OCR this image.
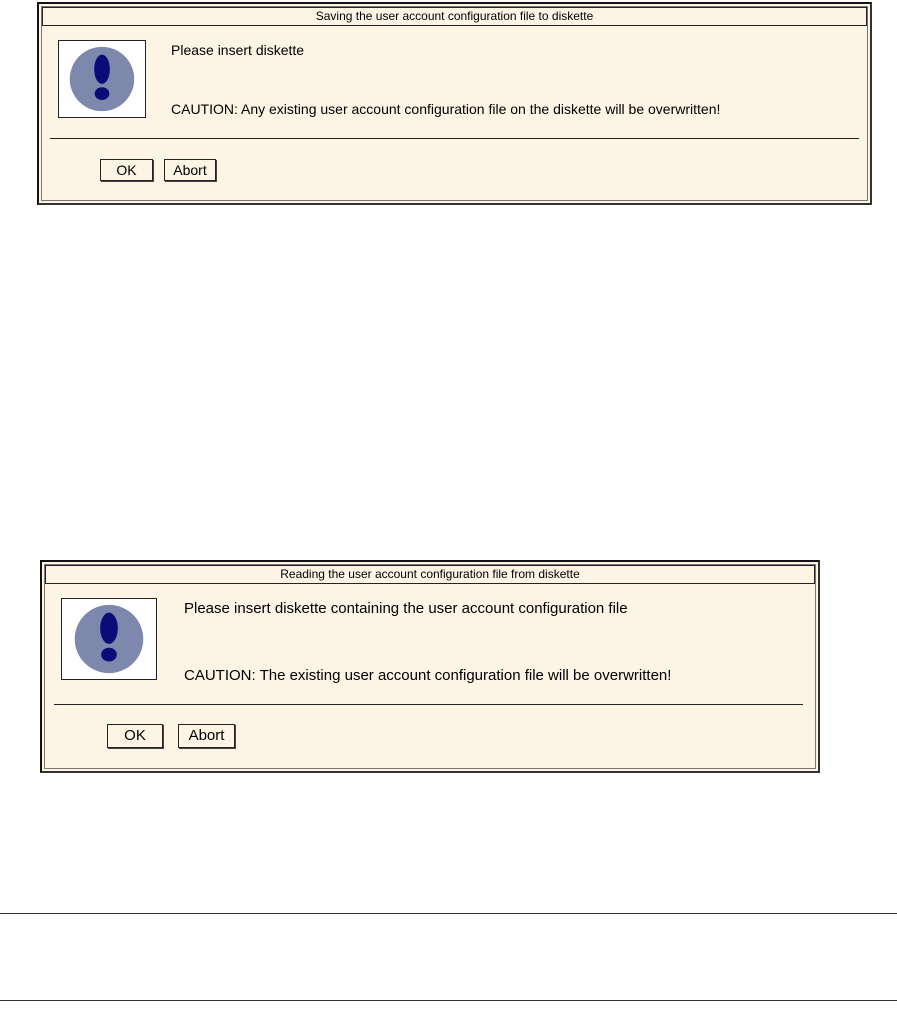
Saving the user account configuration file to diskette
Please insert diskette
CAUTION: Any existing user account configuration file on the diskette will be overwritten!
OK	Abort
Reading the user account configuration file from diskette
Please insert diskette containing the user account configuration file
CAUTION: The existing user account configuration file will be overwritten!
OK	Abort
